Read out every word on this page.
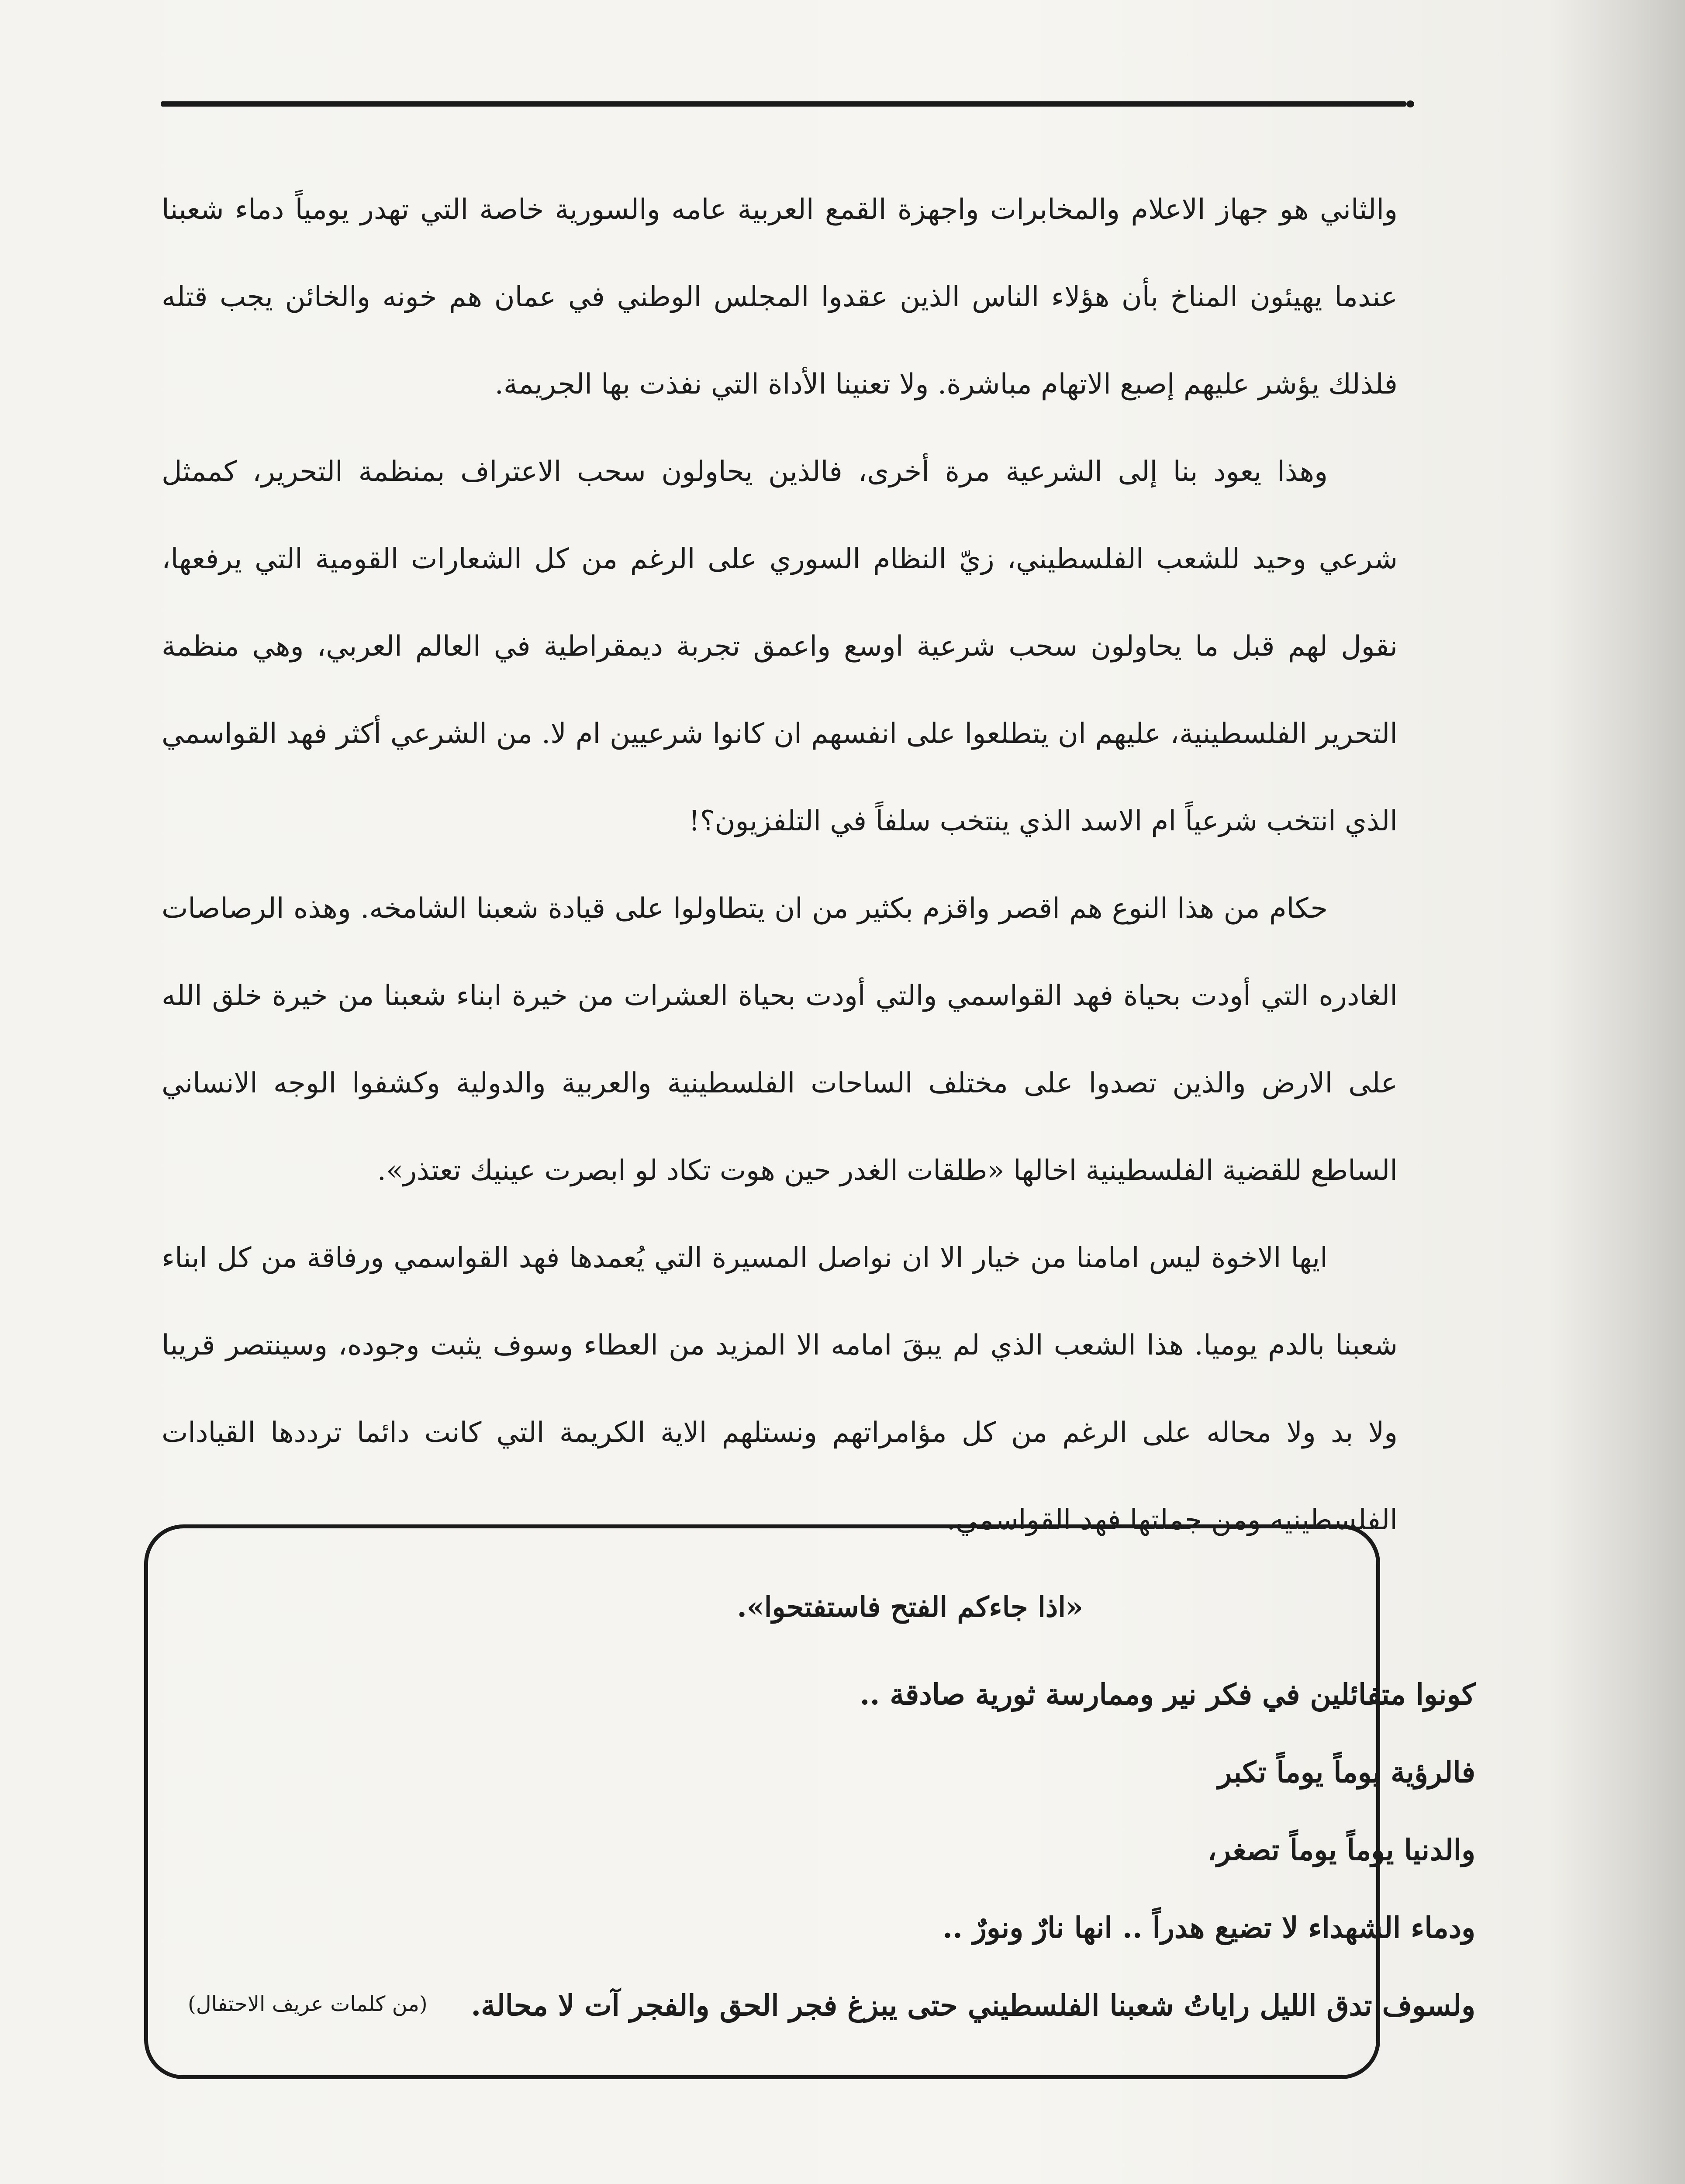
والثاني هو جهاز الاعلام والمخابرات واجهزة القمع العربية عامه والسورية خاصة التي تهدر يومياً دماء شعبنا عندما يهيئون المناخ بأن هؤلاء الناس الذين عقدوا المجلس الوطني في عمان هم خونه والخائن يجب قتله فلذلك يؤشر عليهم إصبع الاتهام مباشرة. ولا تعنينا الأداة التي نفذت بها الجريمة.

وهذا يعود بنا إلى الشرعية مرة أخرى، فالذين يحاولون سحب الاعتراف بمنظمة التحرير، كممثل شرعي وحيد للشعب الفلسطيني، زيّ النظام السوري على الرغم من كل الشعارات القومية التي يرفعها، نقول لهم قبل ما يحاولون سحب شرعية اوسع واعمق تجربة ديمقراطية في العالم العربي، وهي منظمة التحرير الفلسطينية، عليهم ان يتطلعوا على انفسهم ان كانوا شرعيين ام لا. من الشرعي أكثر فهد القواسمي الذي انتخب شرعياً ام الاسد الذي ينتخب سلفاً في التلفزيون؟!

حكام من هذا النوع هم اقصر واقزم بكثير من ان يتطاولوا على قيادة شعبنا الشامخه. وهذه الرصاصات الغادره التي أودت بحياة فهد القواسمي والتي أودت بحياة العشرات من خيرة ابناء شعبنا من خيرة خلق الله على الارض والذين تصدوا على مختلف الساحات الفلسطينية والعربية والدولية وكشفوا الوجه الانساني الساطع للقضية الفلسطينية اخالها «طلقات الغدر حين هوت تكاد لو ابصرت عينيك تعتذر».

ايها الاخوة ليس امامنا من خيار الا ان نواصل المسيرة التي يُعمدها فهد القواسمي ورفاقة من كل ابناء شعبنا بالدم يوميا. هذا الشعب الذي لم يبقَ امامه الا المزيد من العطاء وسوف يثبت وجوده، وسينتصر قريبا ولا بد ولا محاله على الرغم من كل مؤامراتهم ونستلهم الاية الكريمة التي كانت دائما ترددها القيادات الفلسطينيه ومن جملتها فهد القواسمي.

«اذا جاءكم الفتح فاستفتحوا».

كونوا متفائلين في فكر نير وممارسة ثورية صادقة ..
فالرؤية يوماً يوماً تكبر
والدنيا يوماً يوماً تصغر،
ودماء الشهداء لا تضيع هدراً .. انها نارٌ ونورٌ ..
ولسوف تدق الليل راياتُ شعبنا الفلسطيني حتى يبزغ فجر الحق والفجر آت لا محالة.
(من كلمات عريف الاحتفال)
